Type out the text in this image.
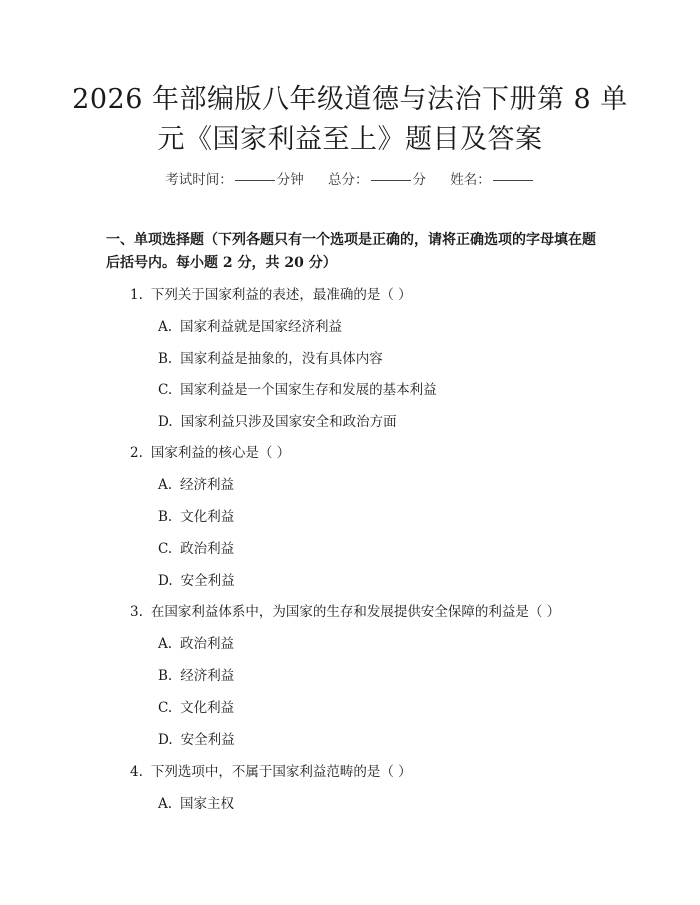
2026 年部编版八年级道德与法治下册第 8 单
元《国家利益至上》题目及答案
考试时间：	分钟 总分：	分 姓名：
一、单项选择题（下列各题只有一个选项是正确的，请将正确选项的字母填在题后括号内。每小题 2 分，共 20 分）
1. 下列关于国家利益的表述，最准确的是（ ）
A. 国家利益就是国家经济利益
B. 国家利益是抽象的，没有具体内容
C. 国家利益是一个国家生存和发展的基本利益
D. 国家利益只涉及国家安全和政治方面
2. 国家利益的核心是（ ）
A. 经济利益
B. 文化利益
C. 政治利益
D. 安全利益
3. 在国家利益体系中，为国家的生存和发展提供安全保障的利益是（ ）
A. 政治利益
B. 经济利益
C. 文化利益
D. 安全利益
4. 下列选项中，不属于国家利益范畴的是（ ）
A. 国家主权
